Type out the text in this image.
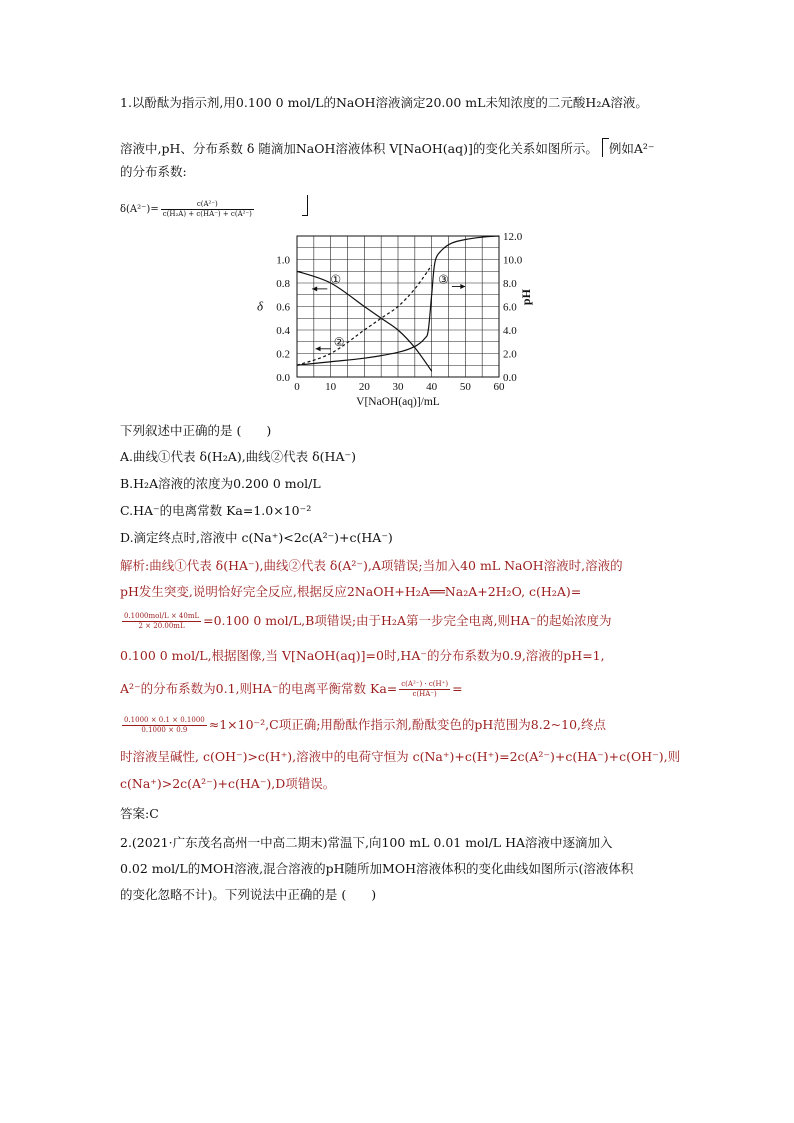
1.以酚酞为指示剂,用0.100 0 mol/L的NaOH溶液滴定20.00 mL未知浓度的二元酸H₂A溶液。
溶液中,pH、分布系数 δ 随滴加NaOH溶液体积 V[NaOH(aq)]的变化关系如图所示。 例如A²⁻
的分布系数:
$\delta(A^{2-})= \frac{\text{c(A²⁻)}}{\text{c(H₂A) + c(HA⁻) + c(A²⁻)}}$
0 10 20 30 40 50 60
0.0
0.2
0.4
0.6
0.8
1.0
0.0
2.0
4.0
6.0
8.0
10.0
12.0
V[NaOH(aq)]/mL
δ
pH
①
②
③
下列叙述中正确的是 (　　)
A.曲线①代表 δ(H₂A),曲线②代表 δ(HA⁻)
B.H₂A溶液的浓度为0.200 0 mol/L
C.HA⁻的电离常数 Ka=1.0×10⁻²
D.滴定终点时,溶液中 c(Na⁺)<2c(A²⁻)+c(HA⁻)
解析:曲线①代表 δ(HA⁻),曲线②代表 δ(A²⁻),A项错误;当加入40 mL NaOH溶液时,溶液的
pH发生突变,说明恰好完全反应,根据反应2NaOH+H₂A══Na₂A+2H₂O, c(H₂A)=
$\frac{\text{0.1000mol/L × 40mL}}{2 \times 20.00mL} =0.100$ 0 mol/L,B项错误;由于H₂A第一步完全电离,则HA⁻的起始浓度为
0.100 0 mol/L,根据图像,当 V[NaOH(aq)]=0时,HA⁻的分布系数为0.9,溶液的pH=1,
A²⁻的分布系数为0.1,则HA⁻的电离平衡常数 $Ka= \frac{\text{c(A²⁻) · c(H⁺)}}{c(HA^-)}$ =
$\frac{0.1000 \times 0.1 \times 0.1000}{0.1000 \times 0.9} \approx 1\times 10^{-2},C$项正确;用酚酞作指示剂,酚酞变色的pH范围为8.2~10,终点
时溶液呈碱性, c(OH⁻)>c(H⁺),溶液中的电荷守恒为 c(Na⁺)+c(H⁺)=2c(A²⁻)+c(HA⁻)+c(OH⁻),则
c(Na⁺)>2c(A²⁻)+c(HA⁻),D项错误。
答案:C
2.(2021·广东茂名高州一中高二期末)常温下,向100 mL 0.01 mol/L HA溶液中逐滴加入
0.02 mol/L的MOH溶液,混合溶液的pH随所加MOH溶液体积的变化曲线如图所示(溶液体积
的变化忽略不计)。下列说法中正确的是 (　　)
